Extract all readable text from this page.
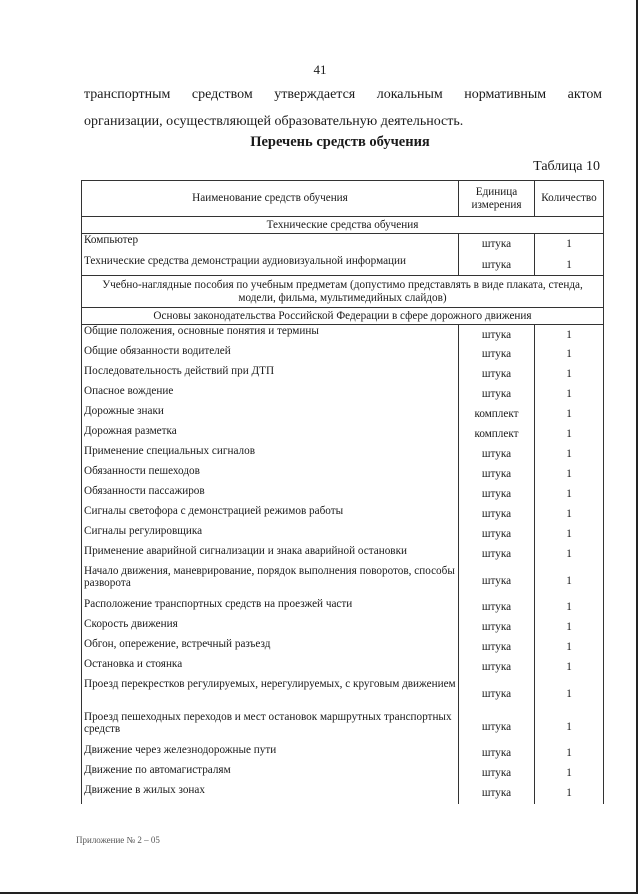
41
транспортным средством утверждается локальным нормативным актом
организации, осуществляющей образовательную деятельность.
Перечень средств обучения
Таблица 10
Наименование средств обучения	Единица измерения	Количество
Технические средства обучения		
Компьютер	штука	1
Технические средства демонстрации аудиовизуальной информации	штука	1
Учебно-наглядные пособия по учебным предметам (допустимо представлять в виде плаката, стенда, модели, фильма, мультимедийных слайдов)		
Основы законодательства Российской Федерации в сфере дорожного движения		
Общие положения, основные понятия и термины	штука	1
Общие обязанности водителей	штука	1
Последовательность действий при ДТП	штука	1
Опасное вождение	штука	1
Дорожные знаки	комплект	1
Дорожная разметка	комплект	1
Применение специальных сигналов	штука	1
Обязанности пешеходов	штука	1
Обязанности пассажиров	штука	1
Сигналы светофора с демонстрацией режимов работы	штука	1
Сигналы регулировщика	штука	1
Применение аварийной сигнализации и знака аварийной остановки	штука	1
Начало движения, маневрирование, порядок выполнения поворотов, способы разворота	штука	1
Расположение транспортных средств на проезжей части	штука	1
Скорость движения	штука	1
Обгон, опережение, встречный разъезд	штука	1
Остановка и стоянка	штука	1
Проезд перекрестков регулируемых, нерегулируемых, с круговым движением	штука	1
Проезд пешеходных переходов и мест остановок маршрутных транспортных средств	штука	1
Движение через железнодорожные пути	штука	1
Движение по автомагистралям	штука	1
Движение в жилых зонах	штука	1
Приложение № 2 – 05
